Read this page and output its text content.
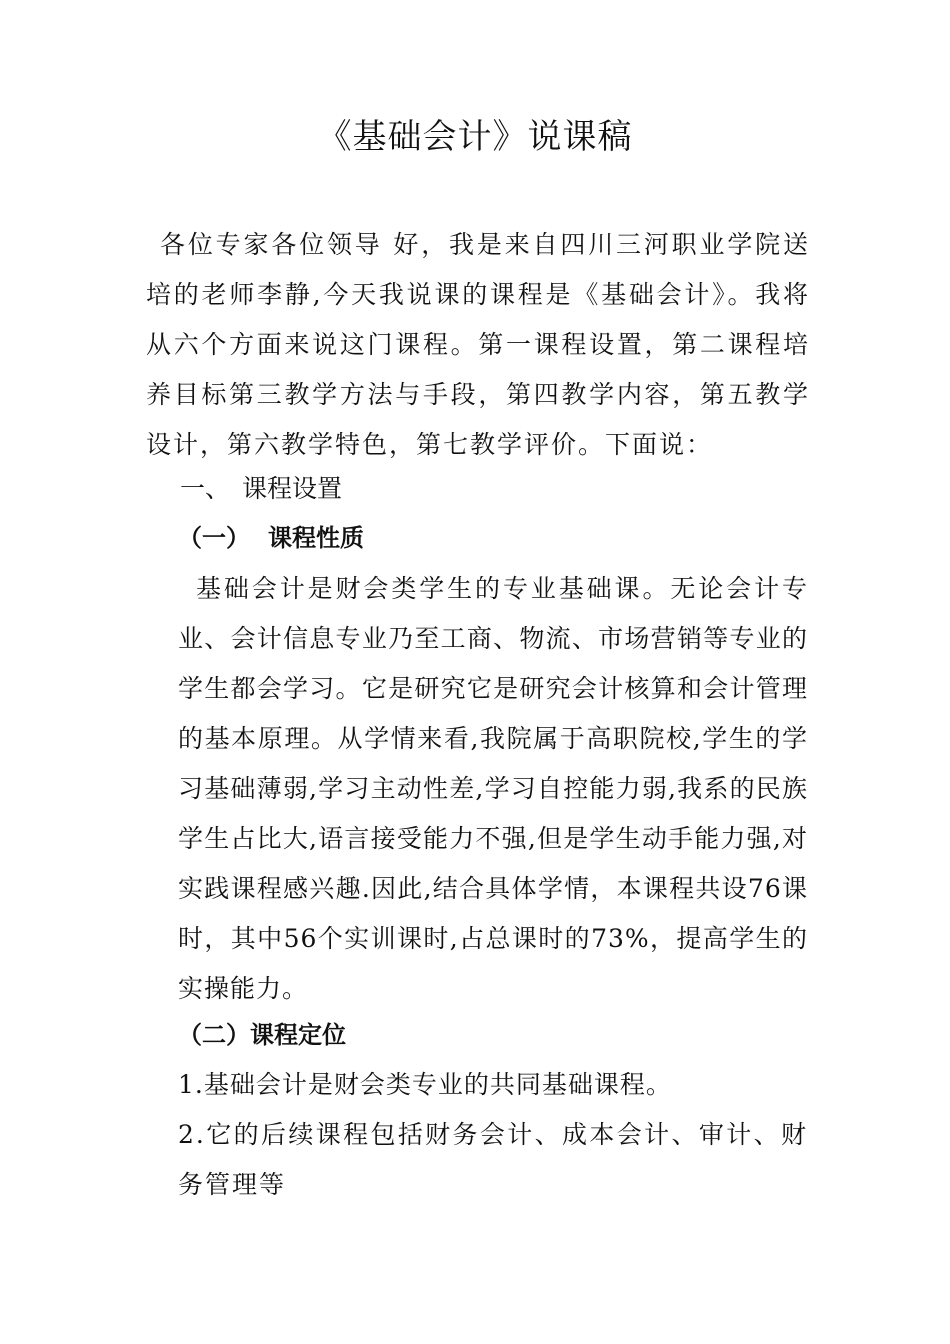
《基础会计》说课稿

各位专家各位领导 好，我是来自四川三河职业学院送培的老师李静,今天我说课的课程是《基础会计》。我将从六个方面来说这门课程。第一课程设置，第二课程培养目标第三教学方法与手段，第四教学内容，第五教学设计，第六教学特色，第七教学评价。下面说：

一、 课程设置
（一） 课程性质

基础会计是财会类学生的专业基础课。无论会计专业、会计信息专业乃至工商、物流、市场营销等专业的学生都会学习。它是研究它是研究会计核算和会计管理的基本原理。从学情来看,我院属于高职院校,学生的学习基础薄弱,学习主动性差,学习自控能力弱,我系的民族学生占比大,语言接受能力不强,但是学生动手能力强,对实践课程感兴趣.因此,结合具体学情，本课程共设76课时，其中56个实训课时,占总课时的73%，提高学生的实操能力。

（二）课程定位

1.基础会计是财会类专业的共同基础课程。

2.它的后续课程包括财务会计、成本会计、审计、财务管理等
